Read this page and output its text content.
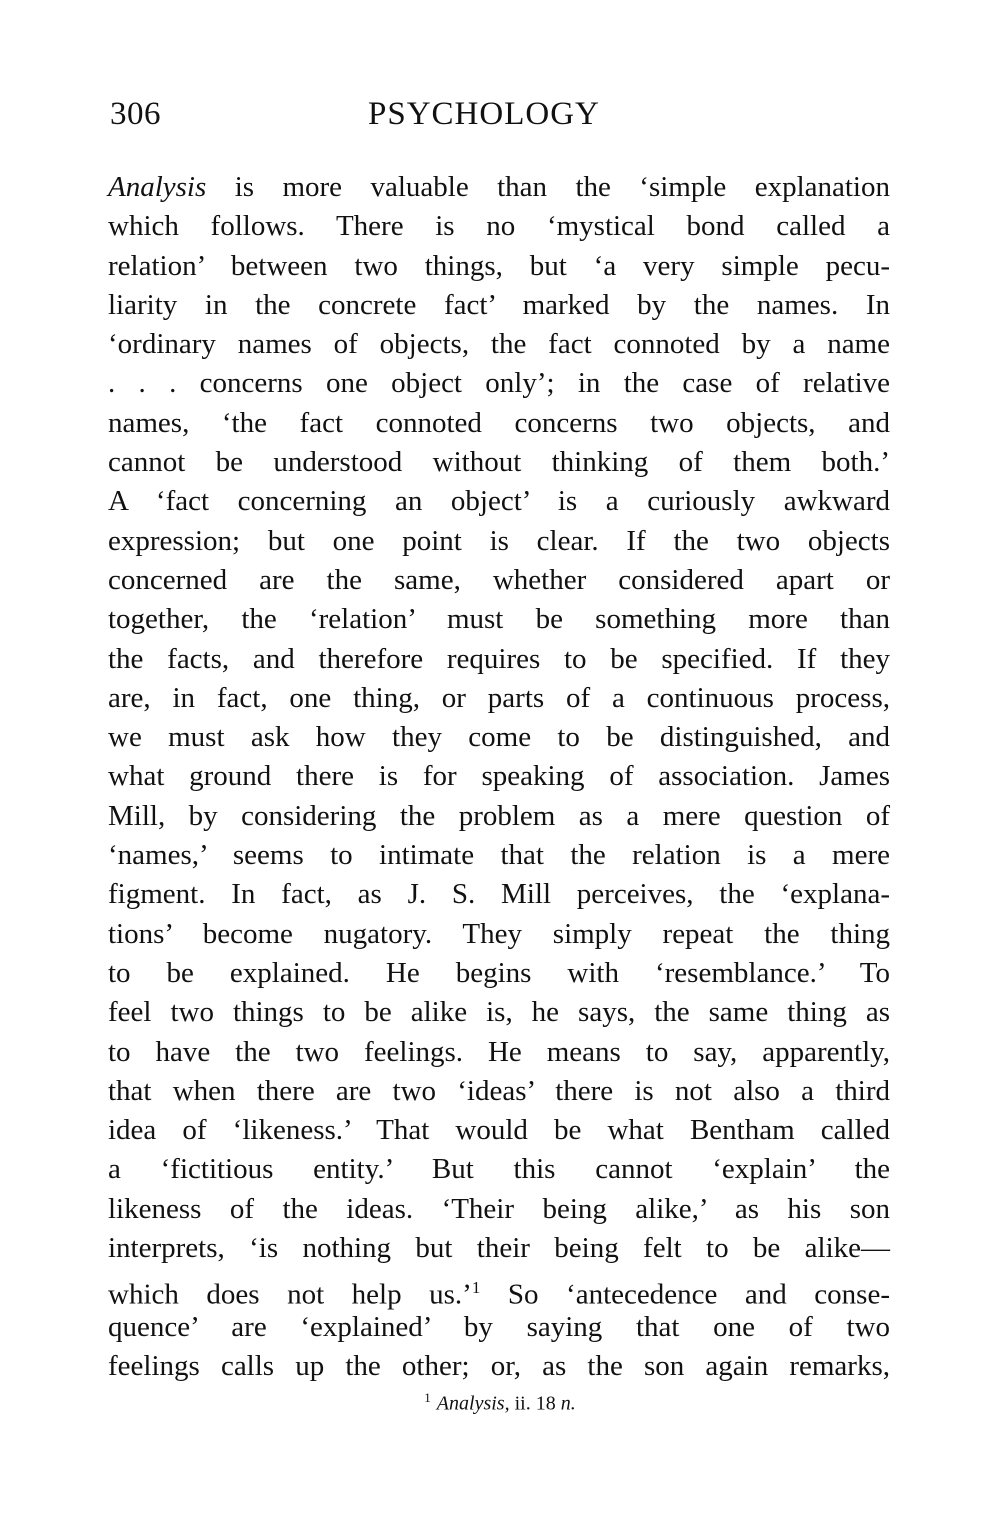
306	PSYCHOLOGY
Analysis is more valuable than the ‘simple explanation
which follows. There is no ‘mystical bond called a
relation’ between two things, but ‘a very simple pecu-
liarity in the concrete fact’ marked by the names. In
‘ordinary names of objects, the fact connoted by a name
. . . concerns one object only’; in the case of relative
names, ‘the fact connoted concerns two objects, and
cannot be understood without thinking of them both.’
A ‘fact concerning an object’ is a curiously awkward
expression; but one point is clear. If the two objects
concerned are the same, whether considered apart or
together, the ‘relation’ must be something more than
the facts, and therefore requires to be specified. If they
are, in fact, one thing, or parts of a continuous process,
we must ask how they come to be distinguished, and
what ground there is for speaking of association. James
Mill, by considering the problem as a mere question of
‘names,’ seems to intimate that the relation is a mere
figment. In fact, as J. S. Mill perceives, the ‘explana-
tions’ become nugatory. They simply repeat the thing
to be explained. He begins with ‘resemblance.’ To
feel two things to be alike is, he says, the same thing as
to have the two feelings. He means to say, apparently,
that when there are two ‘ideas’ there is not also a third
idea of ‘likeness.’ That would be what Bentham called
a ‘fictitious entity.’ But this cannot ‘explain’ the
likeness of the ideas. ‘Their being alike,’ as his son
interprets, ‘is nothing but their being felt to be alike—
which does not help us.’$^1$ So ‘antecedence and conse-
quence’ are ‘explained’ by saying that one of two
feelings calls up the other; or, as the son again remarks,
$^1$ Analysis, ii. 18 n.
